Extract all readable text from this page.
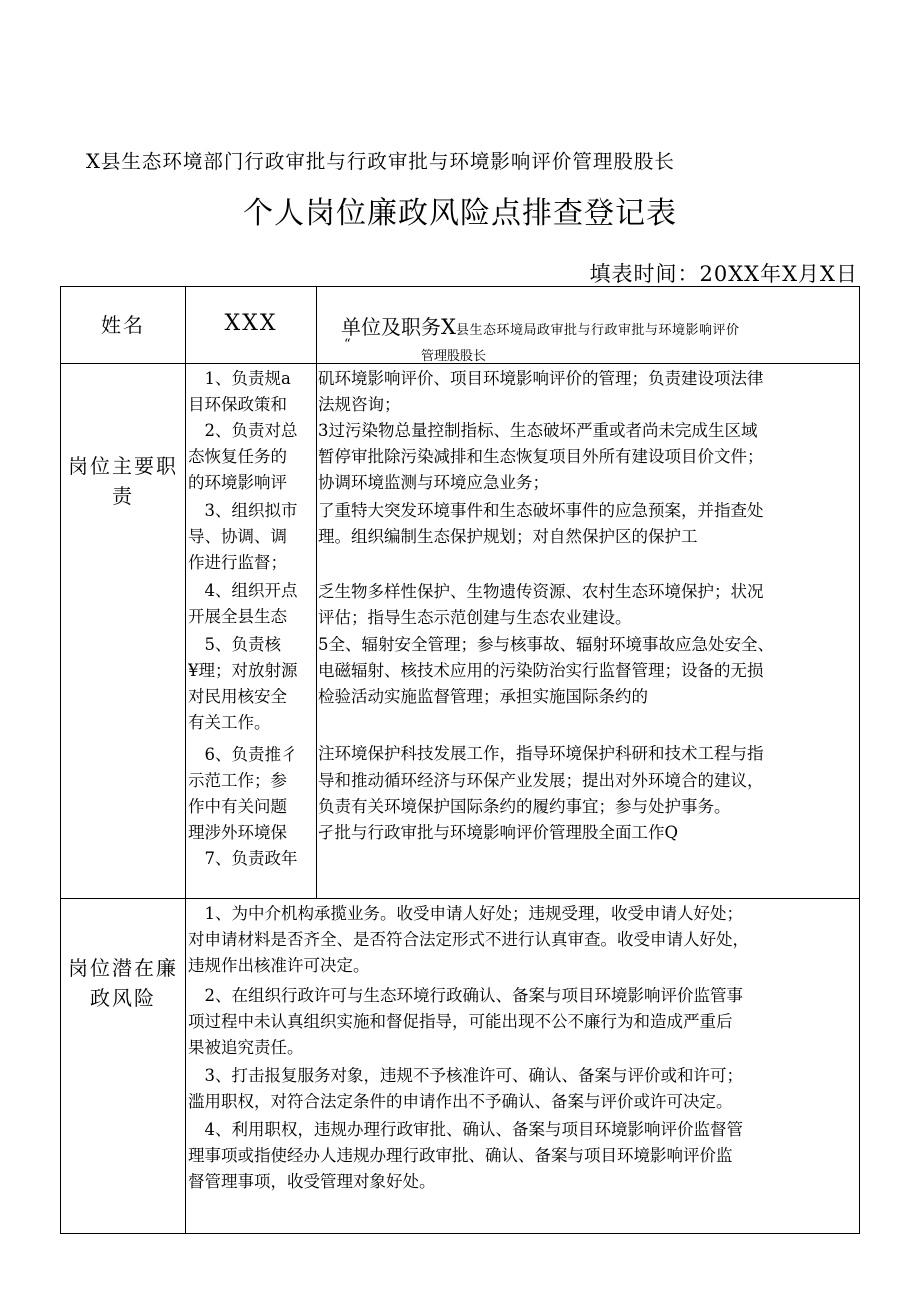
X县生态环境部门行政审批与行政审批与环境影响评价管理股股长
个人岗位廉政风险点排查登记表
填表时间：20XX年X月X日
姓名	XXX	单位及职务X县生态环境局政审批与行政审批与环境影响评价
“
管理股股长
岗位主要职
责
　1、负责规a
目环保政策和
　2、负责对总
态恢复任务的
的环境影响评
　3、组织拟市
导、协调、调
作进行监督；
　4、组织开点
开展全县生态
　5、负责核
¥理；对放射源
对民用核安全
有关工作。
　6、负责推彳
示范工作；参
作中有关问题
理涉外环境保
　7、负责政年
矶环境影响评价、项目环境影响评价的管理；负责建设项法律
法规咨询；
3过污染物总量控制指标、生态破坏严重或者尚未完成生区域
暂停审批除污染减排和生态恢复项目外所有建设项目价文件；
协调环境监测与环境应急业务；
了重特大突发环境事件和生态破坏事件的应急预案，并指查处
理。组织编制生态保护规划；对自然保护区的保护工
乏生物多样性保护、生物遗传资源、农村生态环境保护；状况
评估；指导生态示范创建与生态农业建设。
5全、辐射安全管理；参与核事故、辐射环境事故应急处安全、
电磁辐射、核技术应用的污染防治实行监督管理；设备的无损
检验活动实施监督管理；承担实施国际条约的
注环境保护科技发展工作，指导环境保护科研和技术工程与指
导和推动循环经济与环保产业发展；提出对外环境合的建议，
负责有关环境保护国际条约的履约事宜；参与处护事务。
孑批与行政审批与环境影响评价管理股全面工作Q
岗位潜在廉
政风险
　1、为中介机构承揽业务。收受申请人好处；违规受理，收受申请人好处；
对申请材料是否齐全、是否符合法定形式不进行认真审查。收受申请人好处，
违规作出核准许可决定。
　2、在组织行政许可与生态环境行政确认、备案与项目环境影响评价监管事
项过程中未认真组织实施和督促指导，可能出现不公不廉行为和造成严重后
果被追究责任。
　3、打击报复服务对象，违规不予核准许可、确认、备案与评价或和许可；
滥用职权，对符合法定条件的申请作出不予确认、备案与评价或许可决定。
　4、利用职权，违规办理行政审批、确认、备案与项目环境影响评价监督管
理事项或指使经办人违规办理行政审批、确认、备案与项目环境影响评价监
督管理事项，收受管理对象好处。
